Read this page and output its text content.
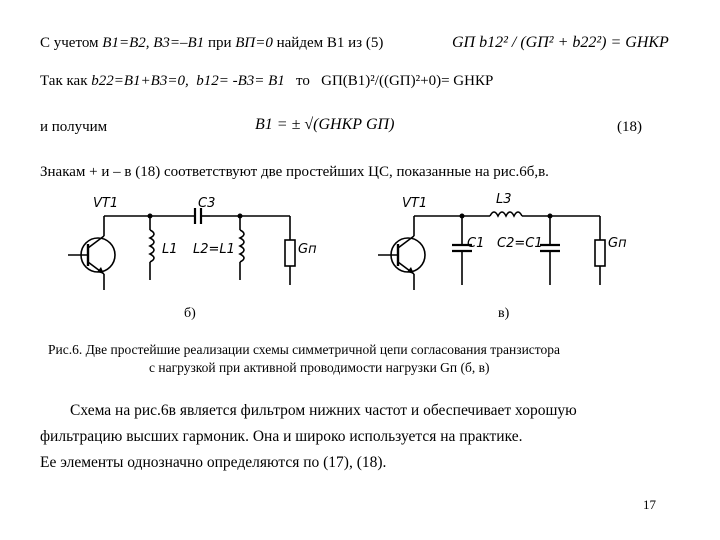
С учетом B1=B2, B3=–B1 при BП=0 найдем B1 из (5)	GП b12² / (GП² + b22²) = GНКР
Так как b22=B1+B3=0, b12= -B3= B1 то GП(B1)²/((GП)²+0)= GНКР
и получим	B1 = ± √(GНКР GП)	(18)
Знакам + и – в (18) соответствуют две простейших ЦС, показанные на рис.6б,в.
VT1	C3
L1 L2=L1	Gп
б)
VT1	L3
C1 C2=C1	Gп
в)
Рис.6. Две простейшие реализации схемы симметричной цепи согласования транзистора
с нагрузкой при активной проводимости нагрузки Gп (б, в)
Схема на рис.6в является фильтром нижних частот и обеспечивает хорошую
фильтрацию высших гармоник. Она и широко используется на практике.
Ее элементы однозначно определяются по (17), (18).
17
